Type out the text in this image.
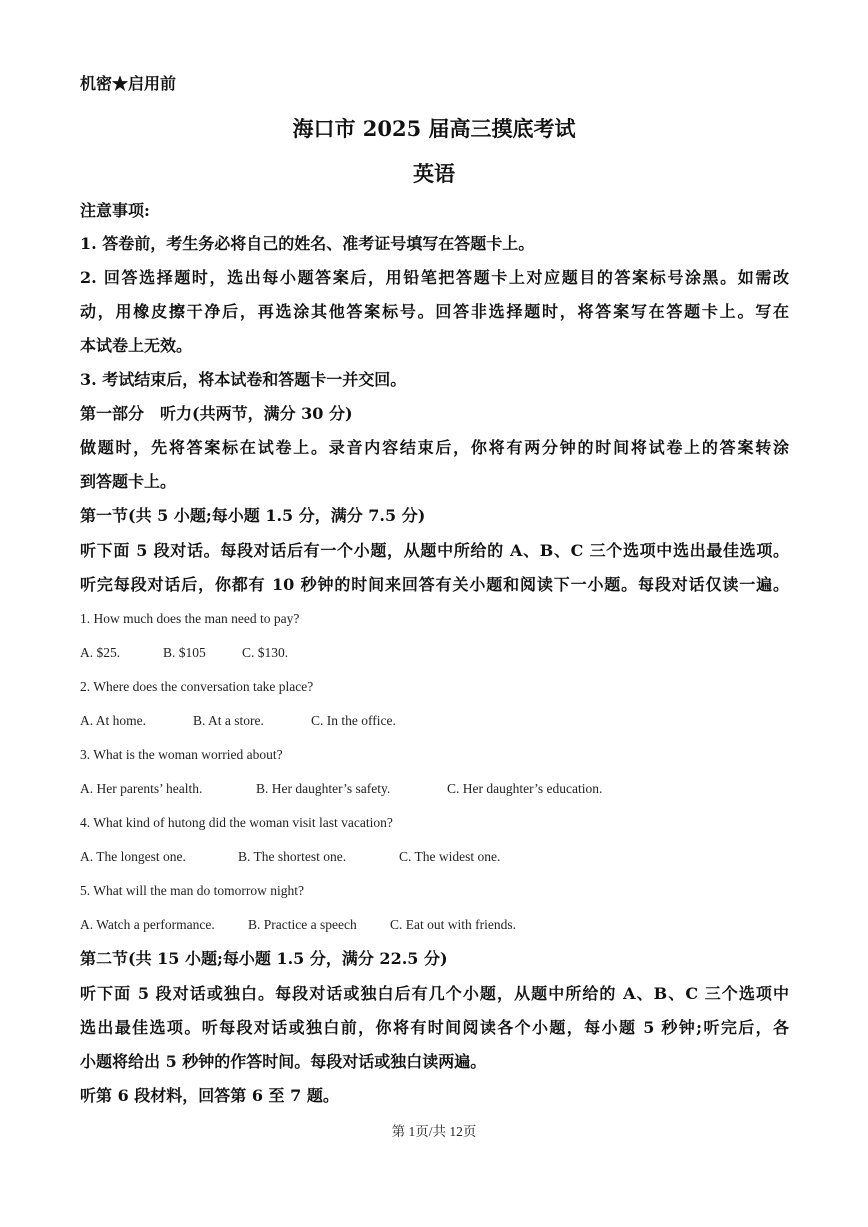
机密★启用前
海口市 2025 届高三摸底考试
英语
注意事项:
1. 答卷前，考生务必将自己的姓名、准考证号填写在答题卡上。
2. 回答选择题时，选出每小题答案后，用铅笔把答题卡上对应题目的答案标号涂黑。如需改
动，用橡皮擦干净后，再选涂其他答案标号。回答非选择题时，将答案写在答题卡上。写在
本试卷上无效。
3. 考试结束后，将本试卷和答题卡一并交回。
第一部分　听力(共两节，满分 30 分)
做题时，先将答案标在试卷上。录音内容结束后，你将有两分钟的时间将试卷上的答案转涂
到答题卡上。
第一节(共 5 小题;每小题 1.5 分，满分 7.5 分)
听下面 5 段对话。每段对话后有一个小题，从题中所给的 A、B、C 三个选项中选出最佳选项。
听完每段对话后，你都有 10 秒钟的时间来回答有关小题和阅读下一小题。每段对话仅读一遍。
1. How much does the man need to pay?
A. $25.	B. $105	C. $130.
2. Where does the conversation take place?
A. At home.	B. At a store.	C. In the office.
3. What is the woman worried about?
A. Her parents’ health.	B. Her daughter’s safety.	C. Her daughter’s education.
4. What kind of hutong did the woman visit last vacation?
A. The longest one.	B. The shortest one.	C. The widest one.
5. What will the man do tomorrow night?
A. Watch a performance. B. Practice a speech C. Eat out with friends.
第二节(共 15 小题;每小题 1.5 分，满分 22.5 分)
听下面 5 段对话或独白。每段对话或独白后有几个小题，从题中所给的 A、B、C 三个选项中
选出最佳选项。听每段对话或独白前，你将有时间阅读各个小题，每小题 5 秒钟;听完后，各
小题将给出 5 秒钟的作答时间。每段对话或独白读两遍。
听第 6 段材料，回答第 6 至 7 题。
第 1页/共 12页
